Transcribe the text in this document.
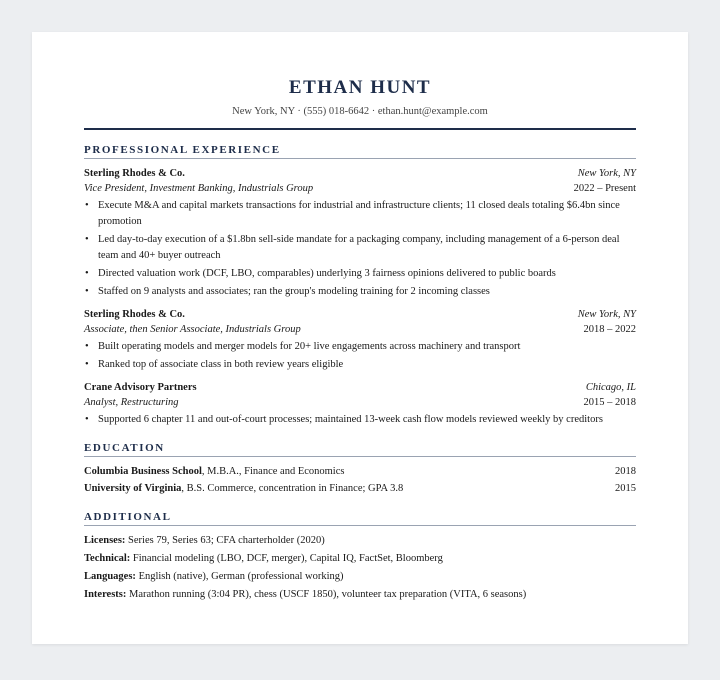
ETHAN HUNT
New York, NY · (555) 018-6642 · ethan.hunt@example.com
PROFESSIONAL EXPERIENCE
Sterling Rhodes & Co.	New York, NY
Vice President, Investment Banking, Industrials Group	2022 – Present
• Execute M&A and capital markets transactions for industrial and infrastructure clients; 11 closed deals totaling $6.4bn since promotion
• Led day-to-day execution of a $1.8bn sell-side mandate for a packaging company, including management of a 6-person deal team and 40+ buyer outreach
• Directed valuation work (DCF, LBO, comparables) underlying 3 fairness opinions delivered to public boards
• Staffed on 9 analysts and associates; ran the group's modeling training for 2 incoming classes
Sterling Rhodes & Co.	New York, NY
Associate, then Senior Associate, Industrials Group	2018 – 2022
• Built operating models and merger models for 20+ live engagements across machinery and transport
• Ranked top of associate class in both review years eligible
Crane Advisory Partners	Chicago, IL
Analyst, Restructuring	2015 – 2018
• Supported 6 chapter 11 and out-of-court processes; maintained 13-week cash flow models reviewed weekly by creditors
EDUCATION
Columbia Business School, M.B.A., Finance and Economics	2018
University of Virginia, B.S. Commerce, concentration in Finance; GPA 3.8	2015
ADDITIONAL
Licenses: Series 79, Series 63; CFA charterholder (2020)
Technical: Financial modeling (LBO, DCF, merger), Capital IQ, FactSet, Bloomberg
Languages: English (native), German (professional working)
Interests: Marathon running (3:04 PR), chess (USCF 1850), volunteer tax preparation (VITA, 6 seasons)
